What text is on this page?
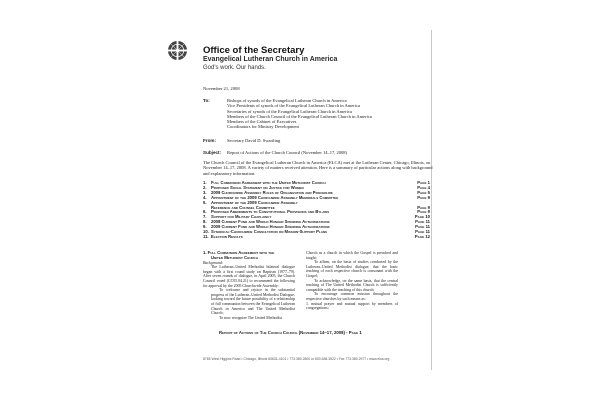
Office of the Secretary
Evangelical Lutheran Church in America
God's work. Our hands.
November 21, 2008
To:	Bishops of synods of the Evangelical Lutheran Church in America
Vice Presidents of synods of the Evangelical Lutheran Church in America
Secretaries of synods of the Evangelical Lutheran Church in America
Members of the Church Council of the Evangelical Lutheran Church in America
Members of the Cabinet of Executives
Coordinators for Ministry Development
From: Secretary David D. Swartling
Subject: Report of Actions of the Church Council (November 14–17, 2008)
The Church Council of the Evangelical Lutheran Church in America (ELCA) met at the Lutheran Center, Chicago, Illinois, on November 14–17, 2008. A variety of matters received attention. Here is a summary of particular actions along with background and explanatory information.
1. Full Communion Agreement with the United Methodist Church	Page 1
2. Proposed Social Statement on Justice for Women	Page 4
3. 2009 Churchwide Assembly Rules of Organization and Procedure	Page 5
4. Appointment of the 2009 Churchwide Assembly Memorials Committee	Page 9
5. Appointment of the 2009 Churchwide Assembly
Reference and Counsel Committee	Page 9
6. Proposed Amendments to Constitutional Provisions and Bylaws	Page 9
7. Support for Military Chaplaincy	Page 10
8. 2008 Current Fund and World Hunger Spending Authorizations	Page 11
9. 2009 Current Fund and World Hunger Spending Authorizations	Page 11
10. Synodical-Churchwide Consultation on Mission-Support Plans	Page 11
11. Election Results	Page 12
1. Full Communion Agreement with the
United Methodist Church
Background:
The Lutheran–United Methodist bilateral dialogue began with a first round study on Baptism (1977–79). After seven rounds of dialogue, in April 2005, the Church Council voted (CC05.04.21) to recommend the following for approval by the 2005 Churchwide Assembly:
To welcome and rejoice in the substantial progress of the Lutheran–United Methodist Dialogue, looking toward the future possibility of a relationship of full communion between the Evangelical Lutheran Church in America and The United Methodist Church;
To now recognize The United Methodist
Church as a church in which the Gospel is preached and taught;
To affirm, on the basis of studies conducted by the Lutheran–United Methodist dialogue, that the basic teaching of each respective church is consonant with the Gospel;
To acknowledge, on the same basis, that the central teaching of The United Methodist Church is sufficiently compatible with the teaching of this church;
To encourage common mission throughout the respective churches by such means as:
1. mutual prayer and mutual support by members of congregations;
Report of Actions of The Church Council (November 14–17, 2008) - Page 1
8765 West Higgins Road • Chicago, Illinois 60631-4101 • 773.380.2800 or 800.638.3522 • Fax 773.380.2977 • www.elca.org
